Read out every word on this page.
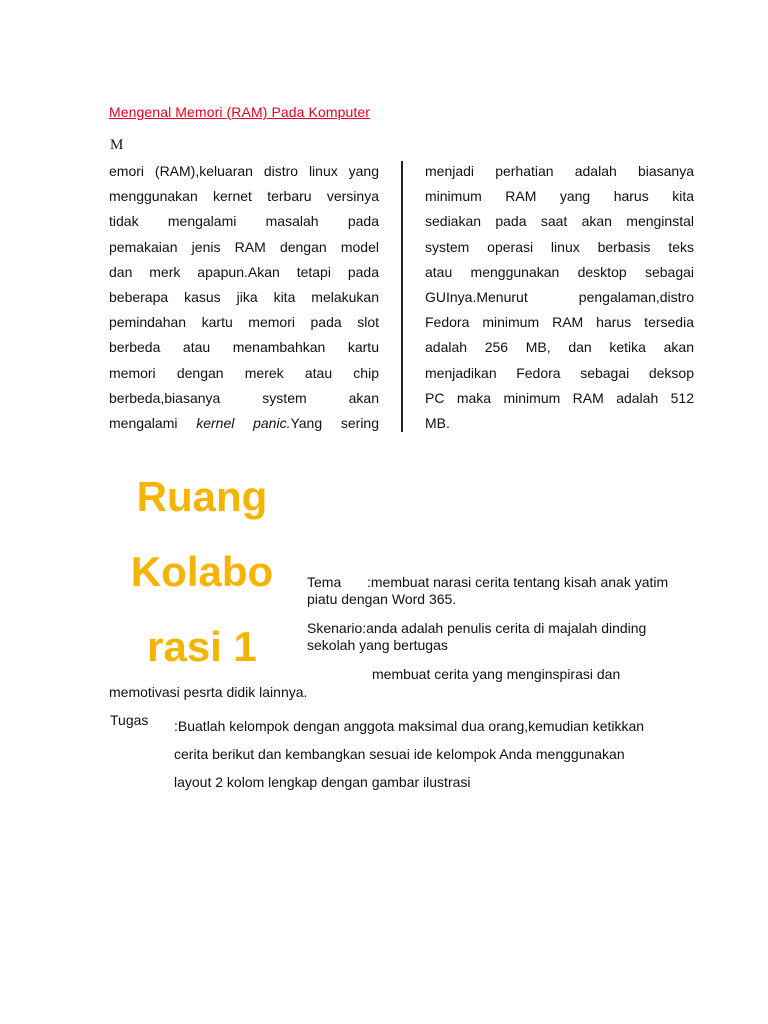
Mengenal Memori (RAM) Pada Komputer
M
emori (RAM),keluaran distro linux yang
menggunakan kernet terbaru versinya
tidak mengalami masalah pada
pemakaian jenis RAM dengan model
dan merk apapun.Akan tetapi pada
beberapa kasus jika kita melakukan
pemindahan kartu memori pada slot
berbeda atau menambahkan kartu
memori dengan merek atau chip
berbeda,biasanya system akan
mengalami kernel panic.Yang sering
menjadi perhatian adalah biasanya
minimum RAM yang harus kita
sediakan pada saat akan menginstal
system operasi linux berbasis teks
atau menggunakan desktop sebagai
GUInya.Menurut pengalaman,distro
Fedora minimum RAM harus tersedia
adalah 256 MB, dan ketika akan
menjadikan Fedora sebagai deksop
PC maka minimum RAM adalah 512
MB.
Ruang
Kolabo
rasi 1
Tema :membuat narasi cerita tentang kisah anak yatim piatu dengan Word 365.
Skenario:anda adalah penulis cerita di majalah dinding sekolah yang bertugas
membuat cerita yang menginspirasi dan
memotivasi pesrta didik lainnya.
Tugas :Buatlah kelompok dengan anggota maksimal dua orang,kemudian ketikkan
cerita berikut dan kembangkan sesuai ide kelompok Anda menggunakan
layout 2 kolom lengkap dengan gambar ilustrasi
